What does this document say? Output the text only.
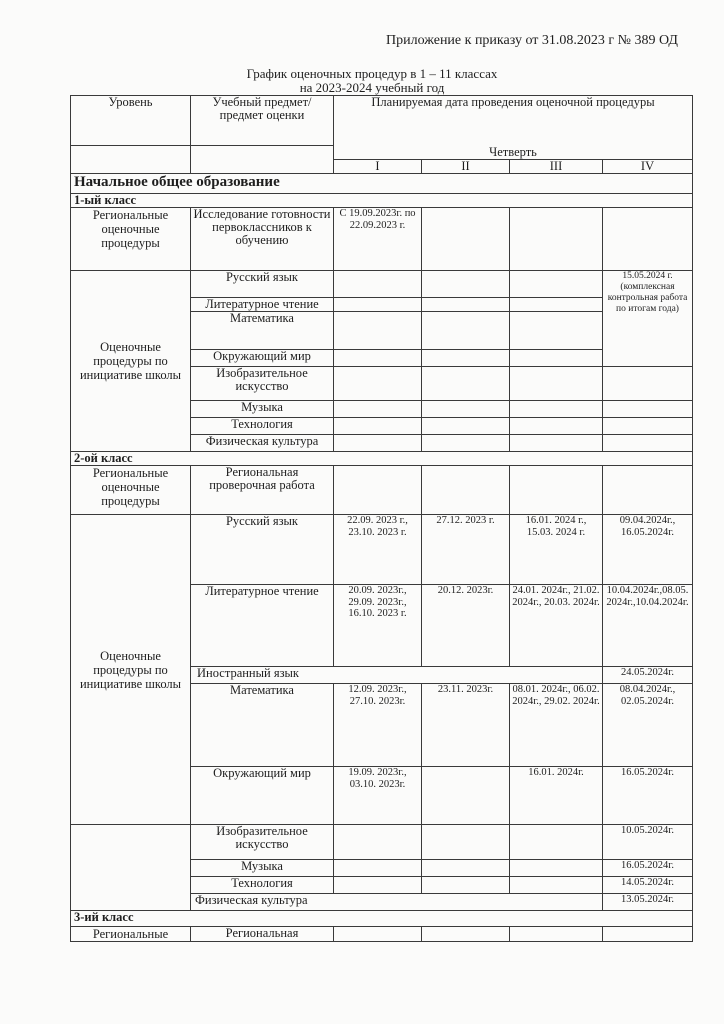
Приложение к приказу от 31.08.2023 г № 389 ОД
График оценочных процедур в 1 – 11 классах
на 2023-2024 учебный год
Уровень	Учебный предмет/предмет оценки	Планируемая дата проведения оценочной процедуры			
		Четверть			
		I	II	III	IV
Начальное общее образование					
1-ый класс					
Региональные оценочные процедуры	Исследование готовности первоклассников к обучению	С 19.09.2023г. по 22.09.2023 г.			
Оценочные процедуры по инициативе школы	Русский язык				15.05.2024 г. (комплексная контрольная работа по итогам года)
	Литературное чтение				
	Математика				
	Окружающий мир				
	Изобразительное искусство				
	Музыка				
	Технология				
	Физическая культура				
2-ой класс					
Региональные оценочные процедуры	Региональная проверочная работа				
Оценочные процедуры по инициативе школы	Русский язык	22.09. 2023 г., 23.10. 2023 г.	27.12. 2023 г.	16.01. 2024 г., 15.03. 2024 г.	09.04.2024г., 16.05.2024г.
	Литературное чтение	20.09. 2023г., 29.09. 2023г., 16.10. 2023 г.	20.12. 2023г.	24.01. 2024г., 21.02. 2024г., 20.03. 2024г.	10.04.2024г.,08.05.2024г.,10.04.2024г.
	Иностранный язык				24.05.2024г.
	Математика	12.09. 2023г., 27.10. 2023г.	23.11. 2023г.	08.01. 2024г., 06.02. 2024г., 29.02. 2024г.	08.04.2024г., 02.05.2024г.
	Окружающий мир	19.09. 2023г., 03.10. 2023г.		16.01. 2024г.	16.05.2024г.
	Изобразительное искусство				10.05.2024г.
	Музыка				16.05.2024г.
	Технология				14.05.2024г.
	Физическая культура				13.05.2024г.
3-ий класс					
Региональные	Региональная				
